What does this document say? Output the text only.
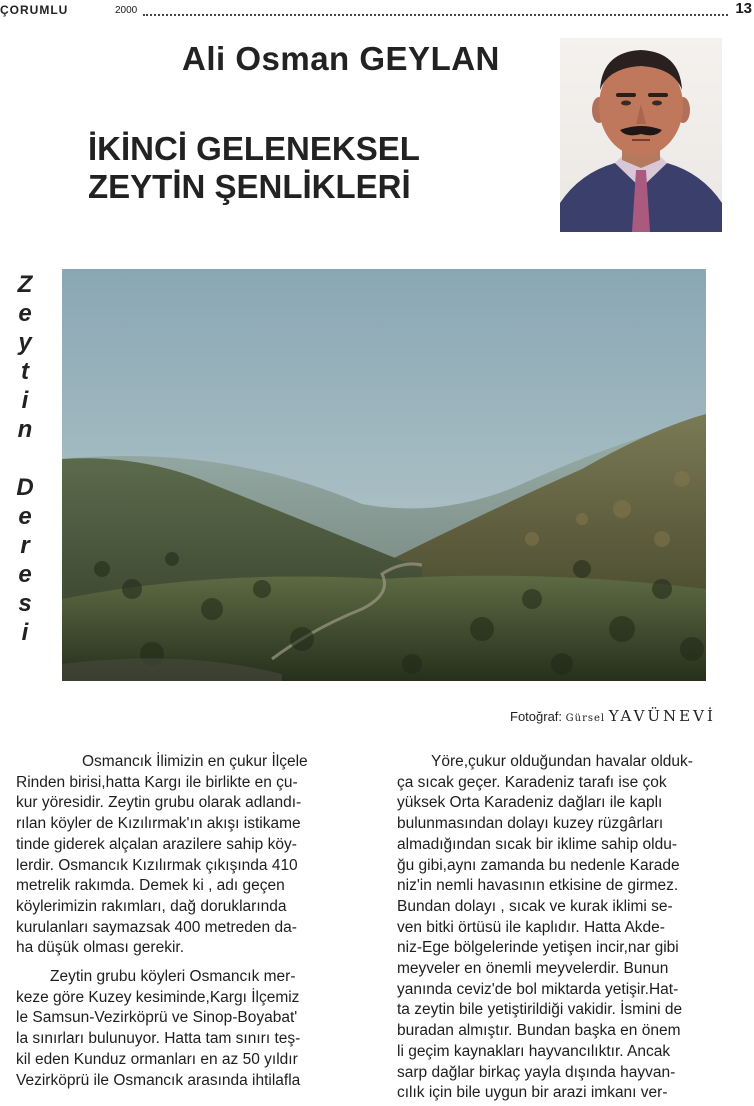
ÇORUMLU	2000	13
Ali Osman GEYLAN
İKİNCİ GELENEKSEL
ZEYTİN ŞENLİKLERİ
Z
e
y
t
i
n
D
e
r
e
s
i
Fotoğraf: Gürsel YAVÜNEVİ
Osmancık İlimizin en çukur İlçele
Rinden birisi,hatta Kargı ile birlikte en çu-
kur yöresidir. Zeytin grubu olarak adlandı-
rılan köyler de Kızılırmak'ın akışı istikame
tinde giderek alçalan arazilere sahip köy-
lerdir. Osmancık Kızılırmak çıkışında 410
metrelik rakımda. Demek ki , adı geçen
köylerimizin rakımları, dağ doruklarında
kurulanları saymazsak 400 metreden da-
ha düşük olması gerekir.
Zeytin grubu köyleri Osmancık mer-
keze göre Kuzey kesiminde,Kargı İlçemiz
le Samsun-Vezirköprü ve Sinop-Boyabat'
la sınırları bulunuyor. Hatta tam sınırı teş-
kil eden Kunduz ormanları en az 50 yıldır
Vezirköprü ile Osmancık arasında ihtilafla
Yöre,çukur olduğundan havalar olduk-
ça sıcak geçer. Karadeniz tarafı ise çok
yüksek Orta Karadeniz dağları ile kaplı
bulunmasından dolayı kuzey rüzgârları
almadığından sıcak bir iklime sahip oldu-
ğu gibi,aynı zamanda bu nedenle Karade
niz'in nemli havasının etkisine de girmez.
Bundan dolayı , sıcak ve kurak iklimi se-
ven bitki örtüsü ile kaplıdır. Hatta Akde-
niz-Ege bölgelerinde yetişen incir,nar gibi
meyveler en önemli meyvelerdir. Bunun
yanında ceviz'de bol miktarda yetişir.Hat-
ta zeytin bile yetiştirildiği vakidir. İsmini de
buradan almıştır. Bundan başka en önem
li geçim kaynakları hayvancılıktır. Ancak
sarp dağlar birkaç yayla dışında hayvan-
cılık için bile uygun bir arazi imkanı ver-
